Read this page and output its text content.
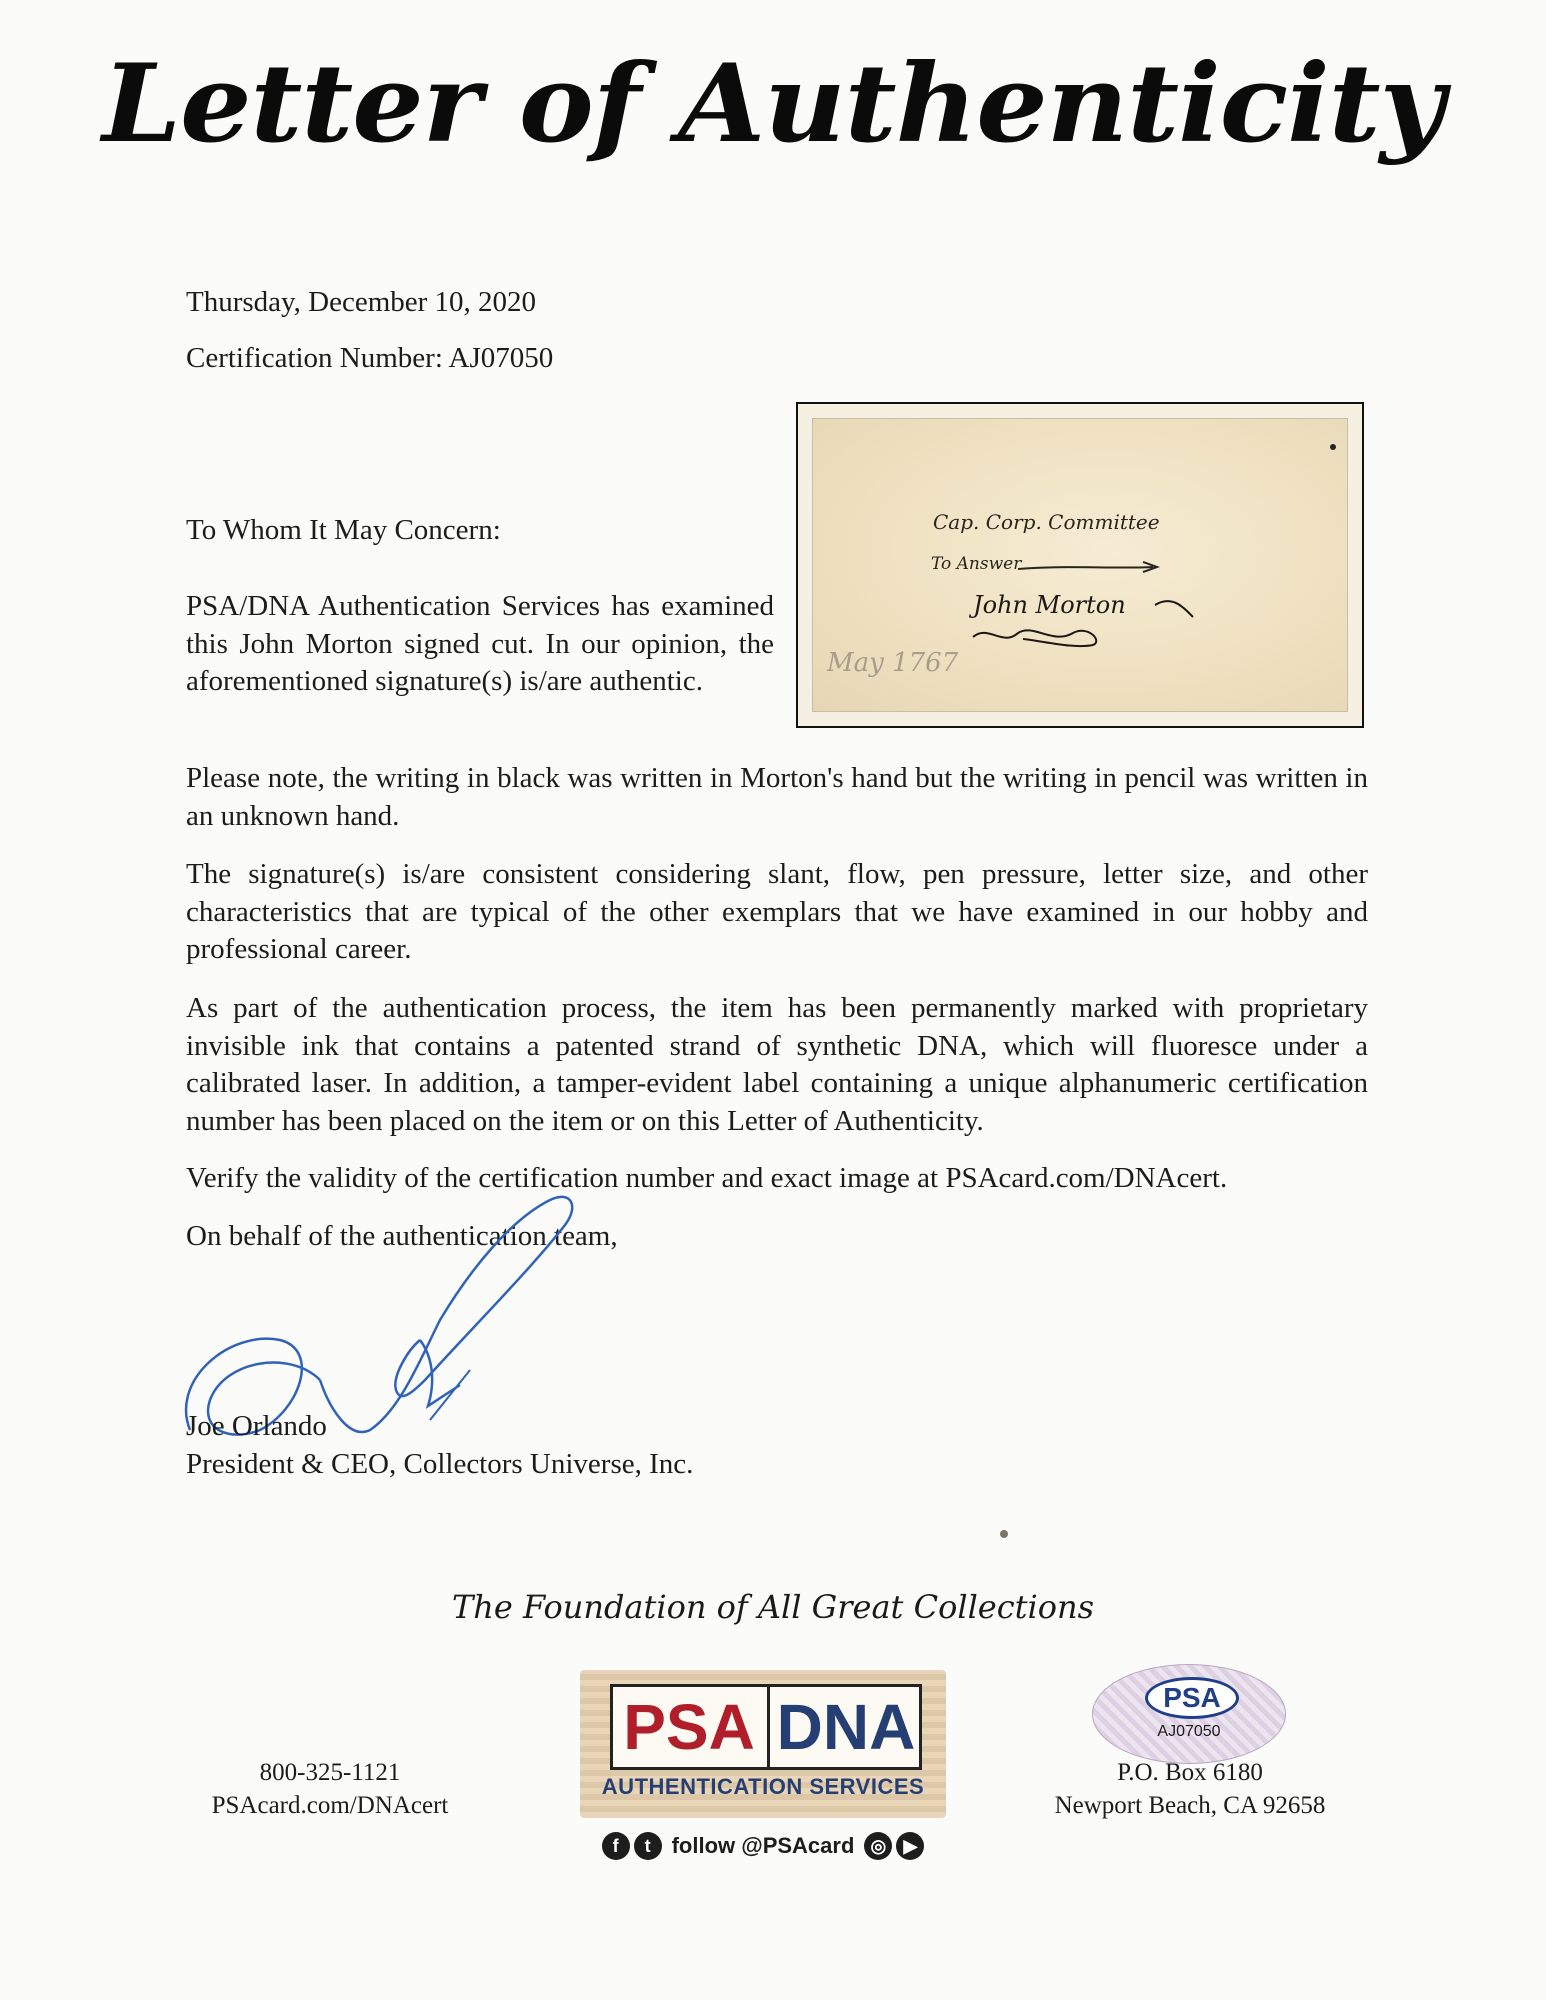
Letter of Authenticity
Thursday, December 10, 2020
Certification Number: AJ07050
Cap. Corp. Committee
To Answer
John Morton
May 1767
To Whom It May Concern:
PSA/DNA Authentication Services has examined this John Morton signed cut. In our opinion, the aforementioned signature(s) is/are authentic.
Please note, the writing in black was written in Morton's hand but the writing in pencil was written in an unknown hand.
The signature(s) is/are consistent considering slant, flow, pen pressure, letter size, and other characteristics that are typical of the other exemplars that we have examined in our hobby and professional career.
As part of the authentication process, the item has been permanently marked with proprietary invisible ink that contains a patented strand of synthetic DNA, which will fluoresce under a calibrated laser. In addition, a tamper-evident label containing a unique alphanumeric certification number has been placed on the item or on this Letter of Authenticity.
Verify the validity of the certification number and exact image at PSAcard.com/DNAcert.
On behalf of the authentication team,
Joe Orlando
President & CEO, Collectors Universe, Inc.
The Foundation of All Great Collections
800-325-1121
PSAcard.com/DNAcert
PSA DNA
AUTHENTICATION SERVICES
f t follow @PSAcard ◎ ▶
PSA
AJ07050
P.O. Box 6180
Newport Beach, CA 92658
